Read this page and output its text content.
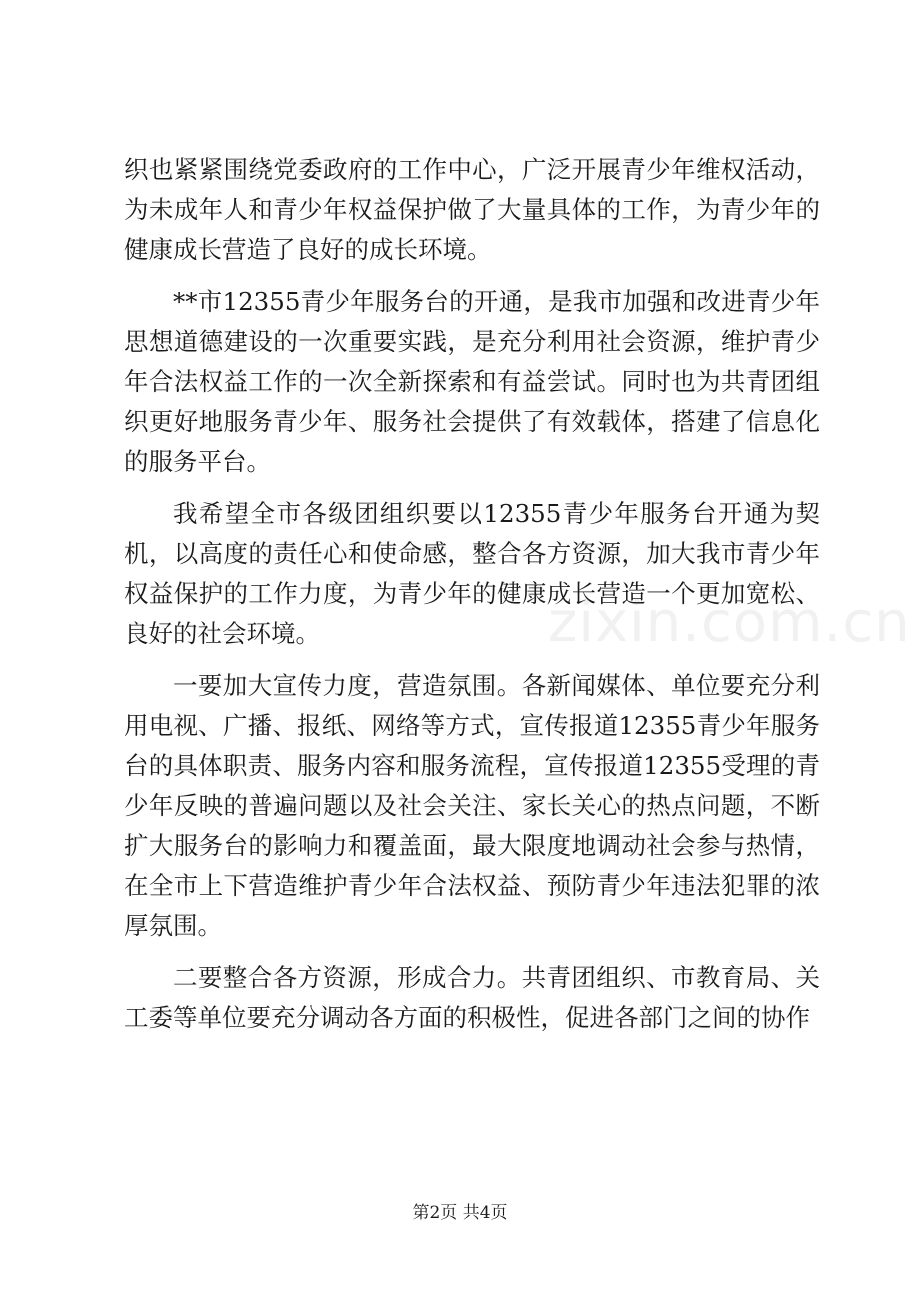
织也紧紧围绕党委政府的工作中心，广泛开展青少年维权活动，为未成年人和青少年权益保护做了大量具体的工作，为青少年的健康成长营造了良好的成长环境。

**市12355青少年服务台的开通，是我市加强和改进青少年思想道德建设的一次重要实践，是充分利用社会资源，维护青少年合法权益工作的一次全新探索和有益尝试。同时也为共青团组织更好地服务青少年、服务社会提供了有效载体，搭建了信息化的服务平台。

我希望全市各级团组织要以12355青少年服务台开通为契机，以高度的责任心和使命感，整合各方资源，加大我市青少年权益保护的工作力度，为青少年的健康成长营造一个更加宽松、良好的社会环境。

一要加大宣传力度，营造氛围。各新闻媒体、单位要充分利用电视、广播、报纸、网络等方式，宣传报道12355青少年服务台的具体职责、服务内容和服务流程，宣传报道12355受理的青少年反映的普遍问题以及社会关注、家长关心的热点问题，不断扩大服务台的影响力和覆盖面，最大限度地调动社会参与热情，在全市上下营造维护青少年合法权益、预防青少年违法犯罪的浓厚氛围。

二要整合各方资源，形成合力。共青团组织、市教育局、关工委等单位要充分调动各方面的积极性，促进各部门之间的协作

zixin.com.cn
第2页 共4页
